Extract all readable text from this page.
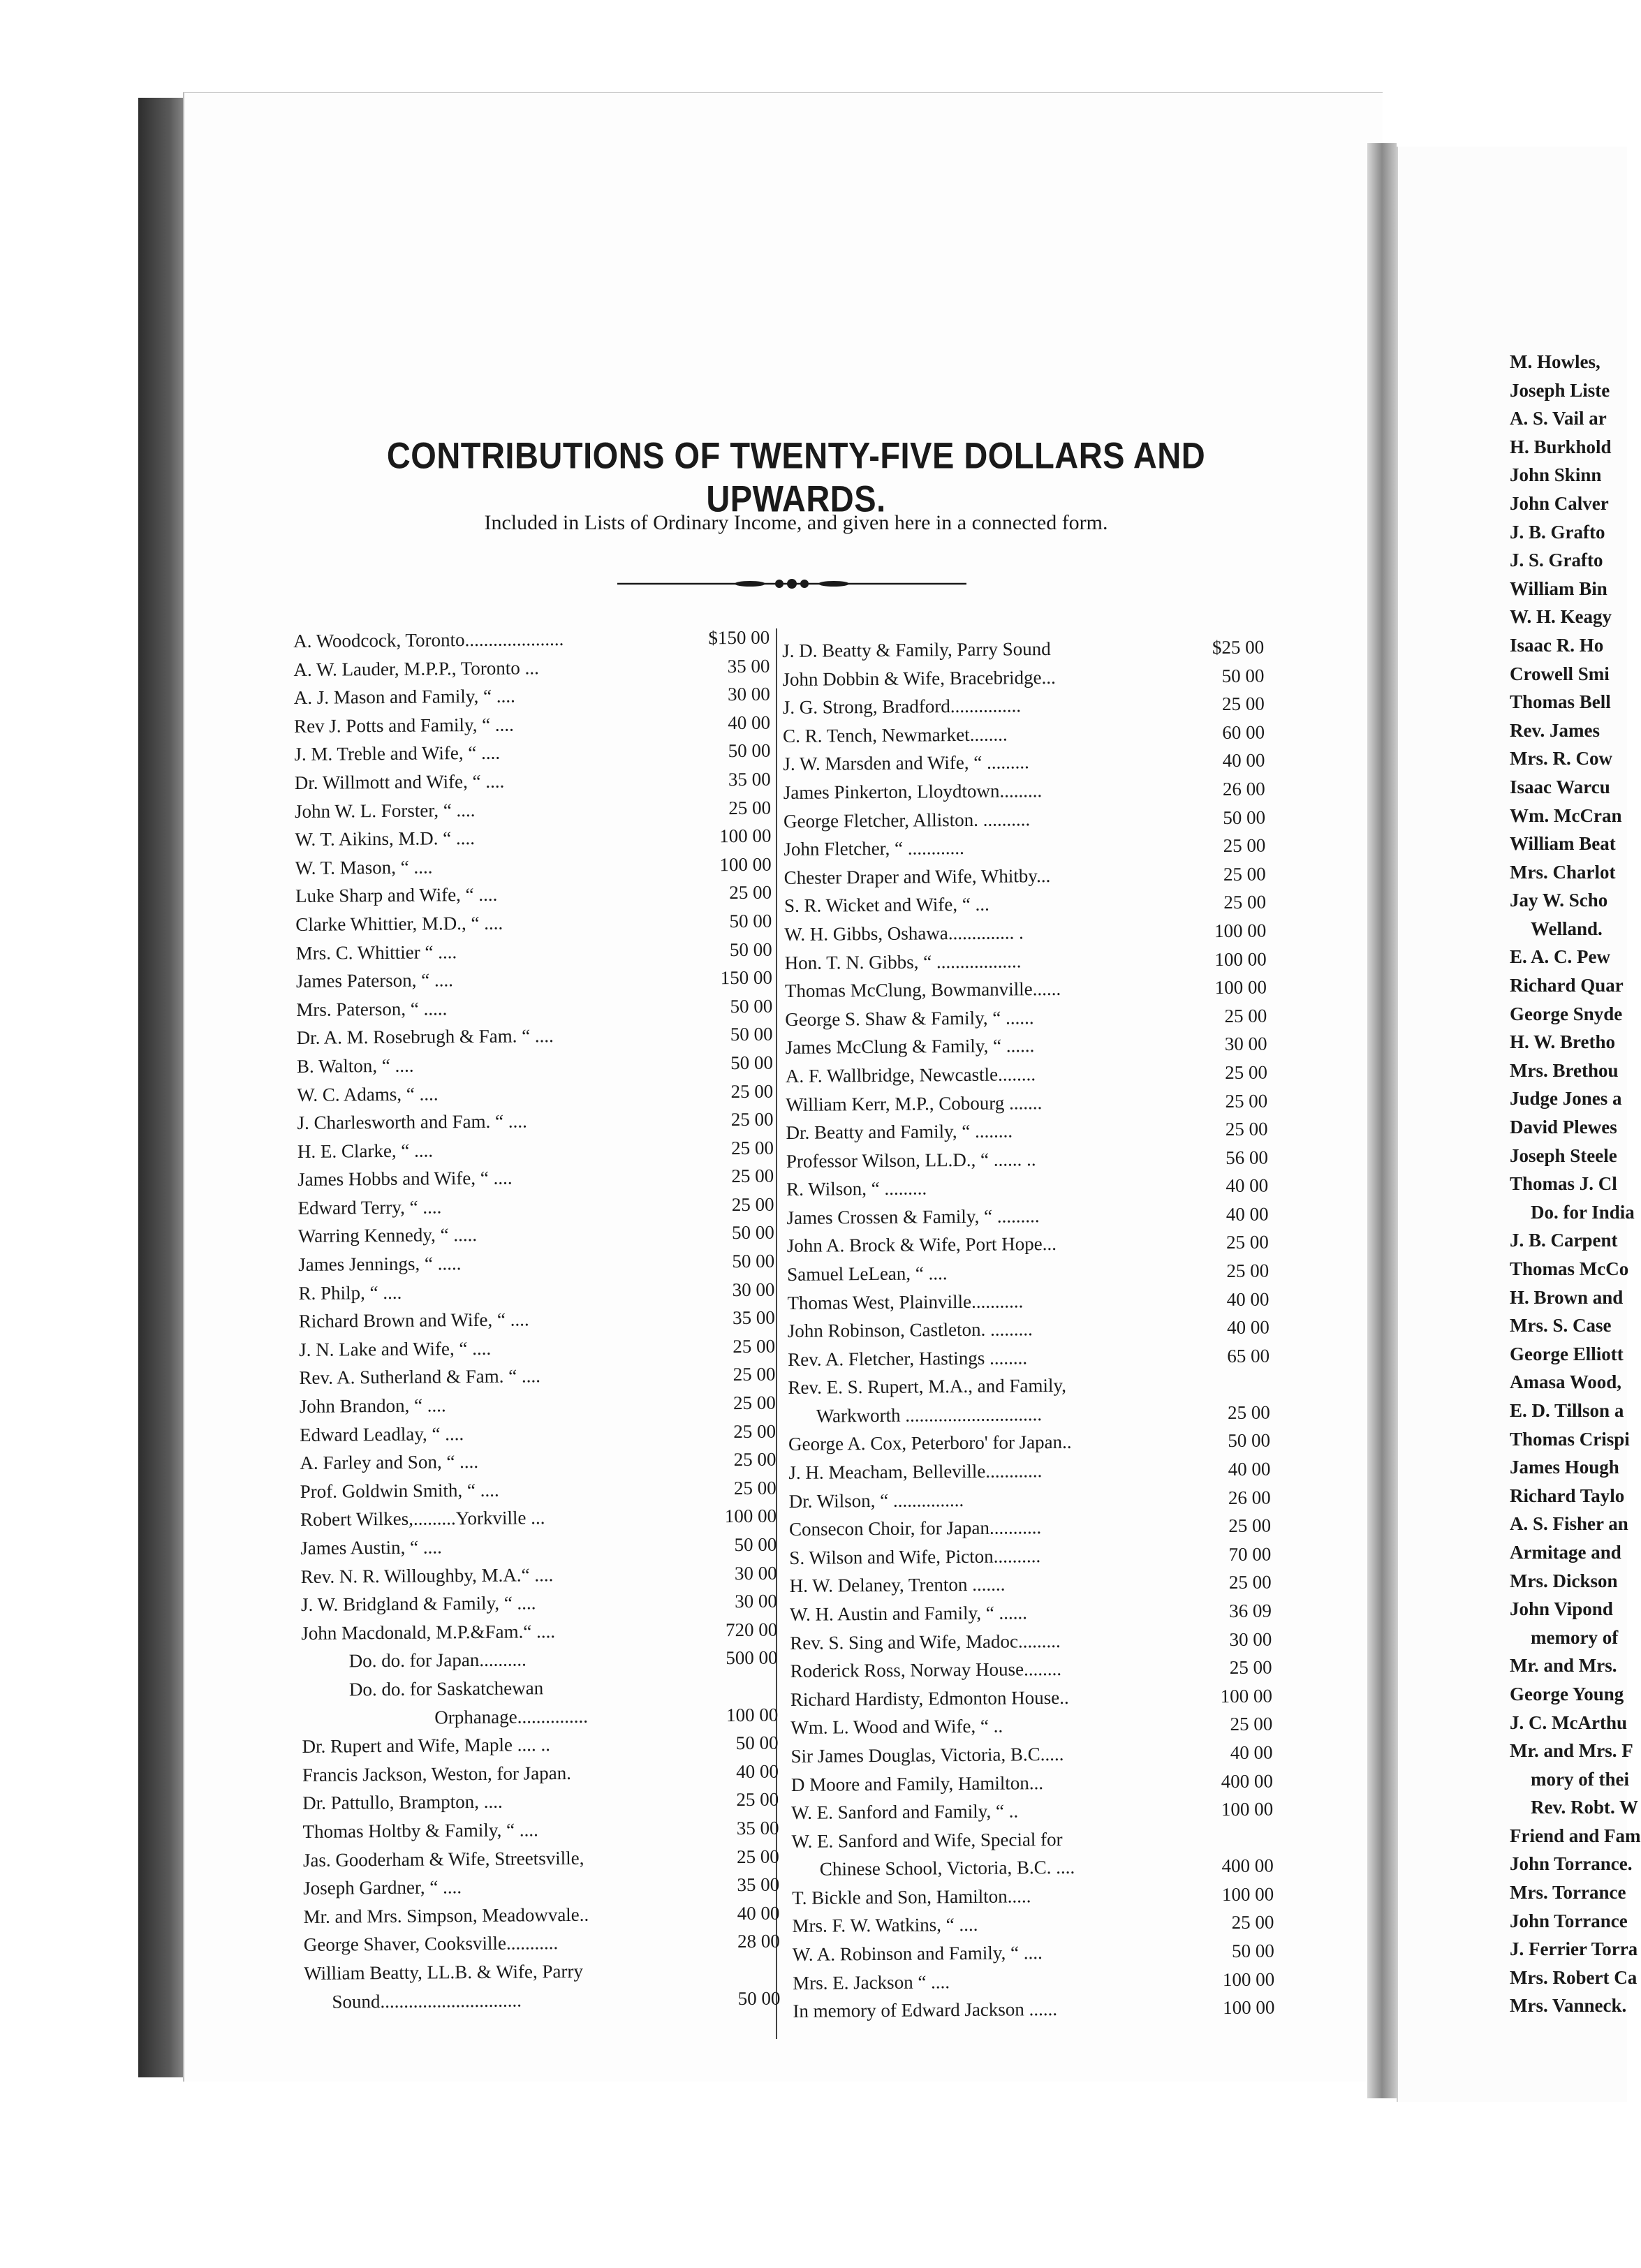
CONTRIBUTIONS OF TWENTY-FIVE DOLLARS AND UPWARDS.
Included in Lists of Ordinary Income, and given here in a connected form.
A. Woodcock, Toronto.....................	$150 00
A. W. Lauder, M.P.P., Toronto ...	35 00
A. J. Mason and Family, “ ....	30 00
Rev J. Potts and Family, “ ....	40 00
J. M. Treble and Wife, “ ....	50 00
Dr. Willmott and Wife, “ ....	35 00
John W. L. Forster, “ ....	25 00
W. T. Aikins, M.D. “ ....	100 00
W. T. Mason, “ ....	100 00
Luke Sharp and Wife, “ ....	25 00
Clarke Whittier, M.D., “ ....	50 00
Mrs. C. Whittier “ ....	50 00
James Paterson, “ ....	150 00
Mrs. Paterson, “ .....	50 00
Dr. A. M. Rosebrugh & Fam. “ ....	50 00
B. Walton, “ ....	50 00
W. C. Adams, “ ....	25 00
J. Charlesworth and Fam. “ ....	25 00
H. E. Clarke, “ ....	25 00
James Hobbs and Wife, “ ....	25 00
Edward Terry, “ ....	25 00
Warring Kennedy, “ .....	50 00
James Jennings, “ .....	50 00
R. Philp, “ ....	30 00
Richard Brown and Wife, “ ....	35 00
J. N. Lake and Wife, “ ....	25 00
Rev. A. Sutherland & Fam. “ ....	25 00
John Brandon, “ ....	25 00
Edward Leadlay, “ ....	25 00
A. Farley and Son, “ ....	25 00
Prof. Goldwin Smith, “ ....	25 00
Robert Wilkes,.........Yorkville ...	100 00
James Austin, “ ....	50 00
Rev. N. R. Willoughby, M.A.“ ....	30 00
J. W. Bridgland & Family, “ ....	30 00
John Macdonald, M.P.&Fam.“ ....	720 00
Do. do. for Japan..........	500 00
Do. do. for Saskatchewan
Orphanage...............	100 00
Dr. Rupert and Wife, Maple .... ..	50 00
Francis Jackson, Weston, for Japan.	40 00
Dr. Pattullo, Brampton, ....	25 00
Thomas Holtby & Family, “ ....	35 00
Jas. Gooderham & Wife, Streetsville,	25 00
Joseph Gardner, “ ....	35 00
Mr. and Mrs. Simpson, Meadowvale..	40 00
George Shaver, Cooksville...........	28 00
William Beatty, LL.B. & Wife, Parry
Sound..............................	50 00
J. D. Beatty & Family, Parry Sound	$25 00
John Dobbin & Wife, Bracebridge...	50 00
J. G. Strong, Bradford...............	25 00
C. R. Tench, Newmarket........	60 00
J. W. Marsden and Wife, “ .........	40 00
James Pinkerton, Lloydtown.........	26 00
George Fletcher, Alliston. ..........	50 00
John Fletcher, “ ............	25 00
Chester Draper and Wife, Whitby...	25 00
S. R. Wicket and Wife, “ ...	25 00
W. H. Gibbs, Oshawa.............. .	100 00
Hon. T. N. Gibbs, “ ..................	100 00
Thomas McClung, Bowmanville......	100 00
George S. Shaw & Family, “ ......	25 00
James McClung & Family, “ ......	30 00
A. F. Wallbridge, Newcastle........	25 00
William Kerr, M.P., Cobourg .......	25 00
Dr. Beatty and Family, “ ........	25 00
Professor Wilson, LL.D., “ ...... ..	56 00
R. Wilson, “ .........	40 00
James Crossen & Family, “ .........	40 00
John A. Brock & Wife, Port Hope...	25 00
Samuel LeLean, “ ....	25 00
Thomas West, Plainville...........	40 00
John Robinson, Castleton. .........	40 00
Rev. A. Fletcher, Hastings ........	65 00
Rev. E. S. Rupert, M.A., and Family,
Warkworth .............................	25 00
George A. Cox, Peterboro' for Japan..	50 00
J. H. Meacham, Belleville............	40 00
Dr. Wilson, “ ...............	26 00
Consecon Choir, for Japan...........	25 00
S. Wilson and Wife, Picton..........	70 00
H. W. Delaney, Trenton .......	25 00
W. H. Austin and Family, “ ......	36 09
Rev. S. Sing and Wife, Madoc.........	30 00
Roderick Ross, Norway House........	25 00
Richard Hardisty, Edmonton House..	100 00
Wm. L. Wood and Wife, “ ..	25 00
Sir James Douglas, Victoria, B.C.....	40 00
D Moore and Family, Hamilton...	400 00
W. E. Sanford and Family, “ ..	100 00
W. E. Sanford and Wife, Special for
Chinese School, Victoria, B.C. ....	400 00
T. Bickle and Son, Hamilton.....	100 00
Mrs. F. W. Watkins, “ ....	25 00
W. A. Robinson and Family, “ ....	50 00
Mrs. E. Jackson “ ....	100 00
In memory of Edward Jackson ......	100 00
M. Howles,
Joseph Liste
A. S. Vail ar
H. Burkhold
John Skinn
John Calver
J. B. Grafto
J. S. Grafto
William Bin
W. H. Keagy
Isaac R. Ho
Crowell Smi
Thomas Bell
Rev. James
Mrs. R. Cow
Isaac Warcu
Wm. McCran
William Beat
Mrs. Charlot
Jay W. Scho
Welland.
E. A. C. Pew
Richard Quar
George Snyde
H. W. Bretho
Mrs. Brethou
Judge Jones a
David Plewes
Joseph Steele
Thomas J. Cl
Do. for India
J. B. Carpent
Thomas McCo
H. Brown and
Mrs. S. Case
George Elliott
Amasa Wood,
E. D. Tillson a
Thomas Crispi
James Hough
Richard Taylo
A. S. Fisher an
Armitage and
Mrs. Dickson
John Vipond
memory of
Mr. and Mrs.
George Young
J. C. McArthu
Mr. and Mrs. F
mory of thei
Rev. Robt. W
Friend and Fam
John Torrance.
Mrs. Torrance
John Torrance
J. Ferrier Torra
Mrs. Robert Ca
Mrs. Vanneck.
